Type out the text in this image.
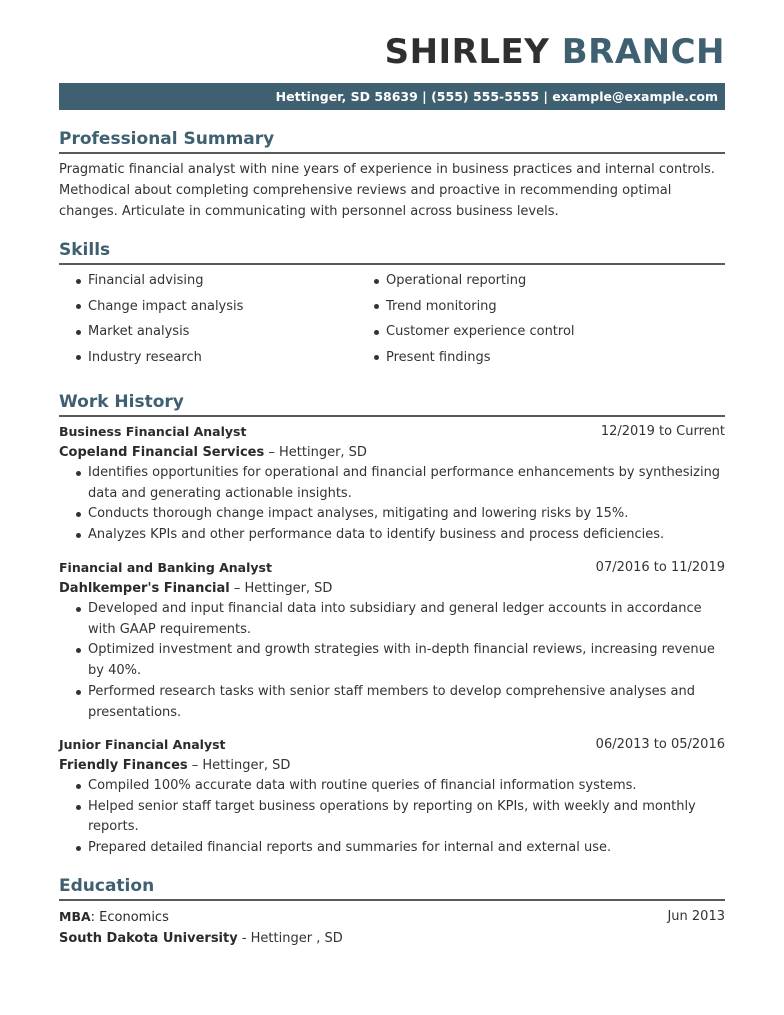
SHIRLEY BRANCH
Hettinger, SD 58639 | (555) 555-5555 | example@example.com
Professional Summary
Pragmatic financial analyst with nine years of experience in business practices and internal controls. Methodical about completing comprehensive reviews and proactive in recommending optimal changes. Articulate in communicating with personnel across business levels.
Skills
Financial advising	Operational reporting
Change impact analysis	Trend monitoring
Market analysis	Customer experience control
Industry research	Present findings
Work History
Business Financial Analyst	12/2019 to Current
Copeland Financial Services – Hettinger, SD
Identifies opportunities for operational and financial performance enhancements by synthesizing data and generating actionable insights.
Conducts thorough change impact analyses, mitigating and lowering risks by 15%.
Analyzes KPIs and other performance data to identify business and process deficiencies.
Financial and Banking Analyst	07/2016 to 11/2019
Dahlkemper's Financial – Hettinger, SD
Developed and input financial data into subsidiary and general ledger accounts in accordance with GAAP requirements.
Optimized investment and growth strategies with in-depth financial reviews, increasing revenue by 40%.
Performed research tasks with senior staff members to develop comprehensive analyses and presentations.
Junior Financial Analyst	06/2013 to 05/2016
Friendly Finances – Hettinger, SD
Compiled 100% accurate data with routine queries of financial information systems.
Helped senior staff target business operations by reporting on KPIs, with weekly and monthly reports.
Prepared detailed financial reports and summaries for internal and external use.
Education
MBA: Economics	Jun 2013
South Dakota University - Hettinger , SD
